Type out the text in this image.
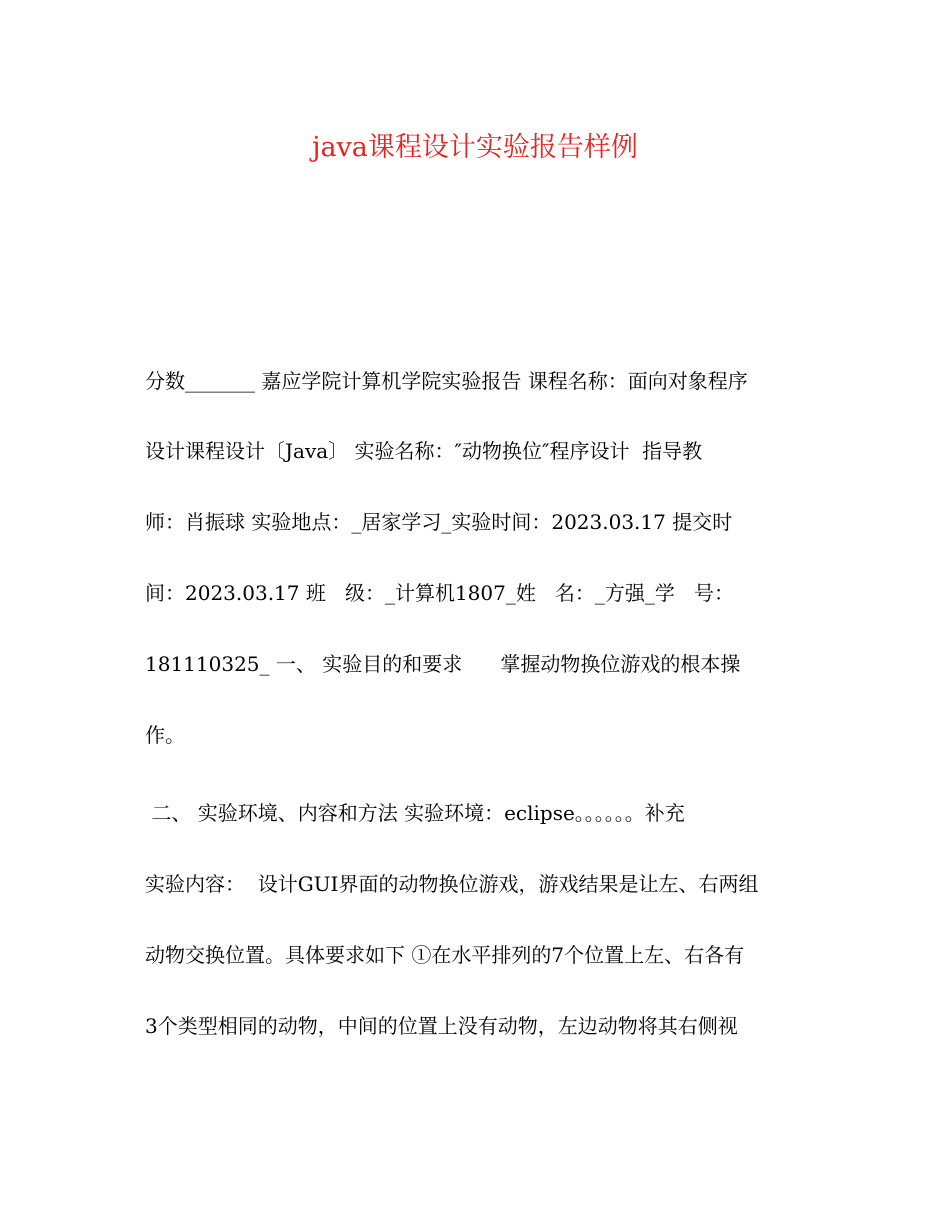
java课程设计实验报告样例

分数_______ 嘉应学院计算机学院实验报告 课程名称：面向对象程序

设计课程设计〔Java〕 实验名称：″动物换位″程序设计  指导教

师：肖振球 实验地点：_居家学习_实验时间：2023.03.17 提交时

间：2023.03.17 班   级：_计算机1807_姓   名：_方强_学   号：

181110325_ 一、 实验目的和要求      掌握动物换位游戏的根本操

作。

二、 实验环境、内容和方法 实验环境：eclipse。。。。。。补充

实验内容：  设计GUI界面的动物换位游戏，游戏结果是让左、右两组

动物交换位置。具体要求如下 ①在水平排列的7个位置上左、右各有

3个类型相同的动物，中间的位置上没有动物，左边动物将其右侧视
